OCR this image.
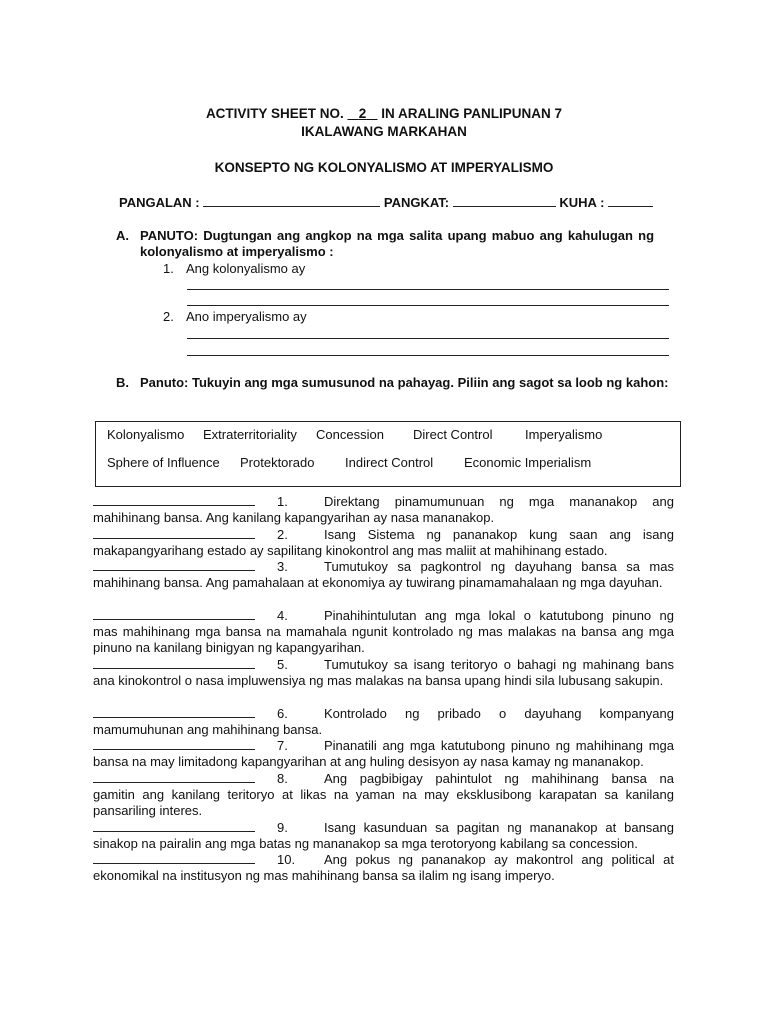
ACTIVITY SHEET NO. 2 IN ARALING PANLIPUNAN 7
IKALAWANG MARKAHAN
KONSEPTO NG KOLONYALISMO AT IMPERYALISMO
PANGALAN :	PANGKAT:	KUHA :
A. PANUTO: Dugtungan ang angkop na mga salita upang mabuo ang kahulugan ng
kolonyalismo at imperyalismo :
1. Ang kolonyalismo ay
2. Ano imperyalismo ay
B. Panuto: Tukuyin ang mga sumusunod na pahayag. Piliin ang sagot sa loob ng kahon:
Kolonyalismo Extraterritoriality Concession Direct Control	Imperyalismo
Sphere of Influence Protektorado Indirect Control Economic Imperialism
1.	Direktang pinamumunuan ng mga mananakop ang
mahihinang bansa. Ang kanilang kapangyarihan ay nasa mananakop.
2.	Isang Sistema ng pananakop kung saan ang isang
makapangyarihang estado ay sapilitang kinokontrol ang mas maliit at mahihinang estado.
3.	Tumutukoy sa pagkontrol ng dayuhang bansa sa mas
mahihinang bansa. Ang pamahalaan at ekonomiya ay tuwirang pinamamahalaan ng mga dayuhan.
4.	Pinahihintulutan ang mga lokal o katutubong pinuno ng
mas mahihinang mga bansa na mamahala ngunit kontrolado ng mas malakas na bansa ang mga pinuno na kanilang binigyan ng kapangyarihan.
5.	Tumutukoy sa isang teritoryo o bahagi ng mahinang bans
ana kinokontrol o nasa impluwensiya ng mas malakas na bansa upang hindi sila lubusang sakupin.
6.	Kontrolado ng pribado o dayuhang kompanyang
mamumuhunan ang mahihinang bansa.
7.	Pinanatili ang mga katutubong pinuno ng mahihinang mga
bansa na may limitadong kapangyarihan at ang huling desisyon ay nasa kamay ng mananakop.
8.	Ang pagbibigay pahintulot ng mahihinang bansa na
gamitin ang kanilang teritoryo at likas na yaman na may eksklusibong karapatan sa kanilang pansariling interes.
9.	Isang kasunduan sa pagitan ng mananakop at bansang
sinakop na pairalin ang mga batas ng mananakop sa mga terotoryong kabilang sa concession.
10.	Ang pokus ng pananakop ay makontrol ang political at
ekonomikal na institusyon ng mas mahihinang bansa sa ilalim ng isang imperyo.
